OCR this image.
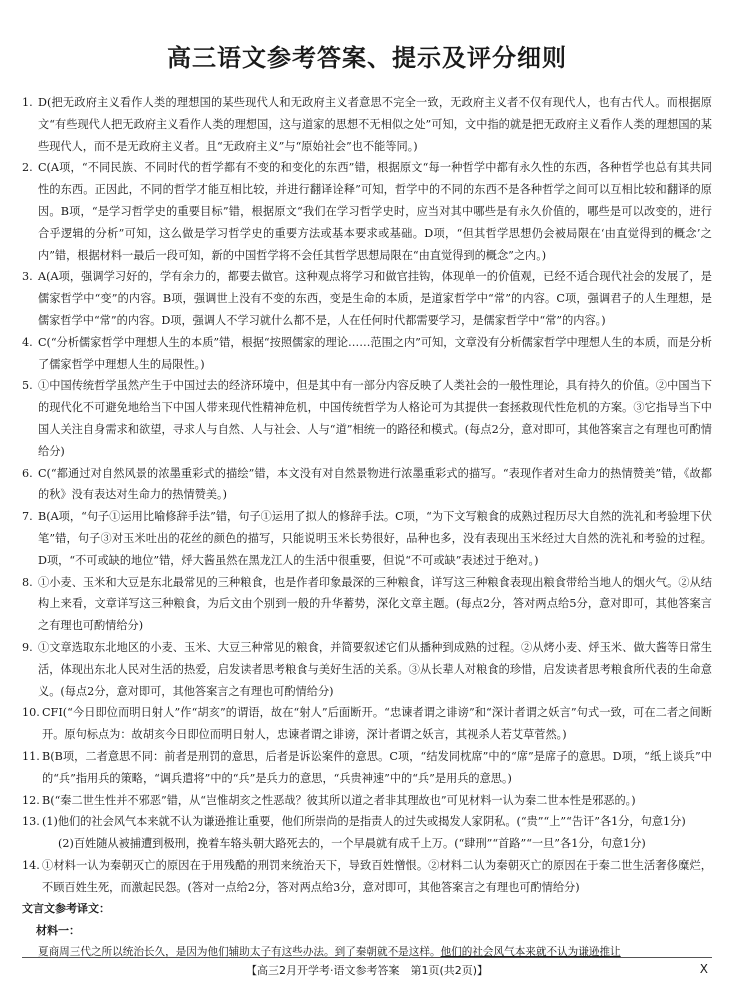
高三语文参考答案、提示及评分细则
1. D(把无政府主义看作人类的理想国的某些现代人和无政府主义者意思不完全一致，无政府主义者不仅有现代人，也有古代人。而根据原文“有些现代人把无政府主义看作人类的理想国，这与道家的思想不无相似之处”可知，文中指的就是把无政府主义看作人类的理想国的某些现代人，而不是无政府主义者。且“无政府主义”与“原始社会”也不能等同。)
2. C(A项，“不同民族、不同时代的哲学都有不变的和变化的东西”错，根据原文“每一种哲学中都有永久性的东西，各种哲学也总有其共同性的东西。正因此，不同的哲学才能互相比较，并进行翻译诠释”可知，哲学中的不同的东西不是各种哲学之间可以互相比较和翻译的原因。B项，“是学习哲学史的重要目标”错，根据原文“我们在学习哲学史时，应当对其中哪些是有永久价值的，哪些是可以改变的，进行合乎逻辑的分析”可知，这么做是学习哲学史的重要方法或基本要求或基础。D项，“但其哲学思想仍会被局限在‘由直觉得到的概念’之内”错，根据材料一最后一段可知，新的中国哲学将不会任其哲学思想局限在“由直觉得到的概念”之内。)
3. A(A项，强调学习好的，学有余力的，都要去做官。这种观点将学习和做官挂钩，体现单一的价值观，已经不适合现代社会的发展了，是儒家哲学中“变”的内容。B项，强调世上没有不变的东西，变是生命的本质，是道家哲学中“常”的内容。C项，强调君子的人生理想，是儒家哲学中“常”的内容。D项，强调人不学习就什么都不是，人在任何时代都需要学习，是儒家哲学中“常”的内容。)
4. C(“分析儒家哲学中理想人生的本质”错，根据“按照儒家的理论……范围之内”可知，文章没有分析儒家哲学中理想人生的本质，而是分析了儒家哲学中理想人生的局限性。)
5. ①中国传统哲学虽然产生于中国过去的经济环境中，但是其中有一部分内容反映了人类社会的一般性理论，具有持久的价值。②中国当下的现代化不可避免地给当下中国人带来现代性精神危机，中国传统哲学为人格论可为其提供一套拯救现代性危机的方案。③它指导当下中国人关注自身需求和欲望，寻求人与自然、人与社会、人与“道”相统一的路径和模式。(每点2分，意对即可，其他答案言之有理也可酌情给分)
6. C(“都通过对自然风景的浓墨重彩式的描绘”错，本文没有对自然景物进行浓墨重彩式的描写。“表现作者对生命力的热情赞美”错，《故都的秋》没有表达对生命力的热情赞美。)
7. B(A项，“句子①运用比喻修辞手法”错，句子①运用了拟人的修辞手法。C项，“为下文写粮食的成熟过程历尽大自然的洗礼和考验埋下伏笔”错，句子③对玉米吐出的花丝的颜色的描写，只能说明玉米长势很好，品种也多，没有表现出玉米经过大自然的洗礼和考验的过程。D项，“不可或缺的地位”错，烀大酱虽然在黑龙江人的生活中很重要，但说“不可或缺”表述过于绝对。)
8. ①小麦、玉米和大豆是东北最常见的三种粮食，也是作者印象最深的三种粮食，详写这三种粮食表现出粮食带给当地人的烟火气。②从结构上来看，文章详写这三种粮食，为后文由个别到一般的升华蓄势，深化文章主题。(每点2分，答对两点给5分，意对即可，其他答案言之有理也可酌情给分)
9. ①文章选取东北地区的小麦、玉米、大豆三种常见的粮食，并简要叙述它们从播种到成熟的过程。②从烤小麦、烀玉米、做大酱等日常生活，体现出东北人民对生活的热爱，启发读者思考粮食与美好生活的关系。③从长辈人对粮食的珍惜，启发读者思考粮食所代表的生命意义。(每点2分，意对即可，其他答案言之有理也可酌情给分)
10. CFI(“今日即位而明日射人”作“胡亥”的谓语，故在“射人”后面断开。“忠谏者谓之诽谤”和“深计者谓之妖言”句式一致，可在二者之间断开。原句标点为：故胡亥今日即位而明日射人，忠谏者谓之诽谤，深计者谓之妖言，其视杀人若艾草菅然。)
11. B(B项，二者意思不同：前者是刑罚的意思，后者是诉讼案件的意思。C项，“结发同枕席”中的“席”是席子的意思。D项，“纸上谈兵”中的“兵”指用兵的策略，“调兵遣将”中的“兵”是兵力的意思，“兵贵神速”中的“兵”是用兵的意思。)
12. B(“秦二世生性并不邪恶”错，从“岂惟胡亥之性恶哉？彼其所以道之者非其理故也”可见材料一认为秦二世本性是邪恶的。)
13. (1)他们的社会风气本来就不认为谦逊推让重要，他们所崇尚的是指责人的过失或揭发人家阴私。(“贵”“上”“告讦”各1分，句意1分)
(2)百姓随从被捕遭到极刑，挽着车辂头朝大路死去的，一个早晨就有成千上万。(“肆刑”“首路”“一旦”各1分，句意1分)
14. ①材料一认为秦朝灭亡的原因在于用残酷的刑罚来统治天下，导致百姓憎恨。②材料二认为秦朝灭亡的原因在于秦二世生活奢侈糜烂，不顾百姓生死，而激起民怨。(答对一点给2分，答对两点给3分，意对即可，其他答案言之有理也可酌情给分)
文言文参考译文：
材料一：
夏商周三代之所以统治长久，是因为他们辅助太子有这些办法。到了秦朝就不是这样。他们的社会风气本来就不认为谦逊推让
【高三2月开学考·语文参考答案　第1页(共2页)】	X
